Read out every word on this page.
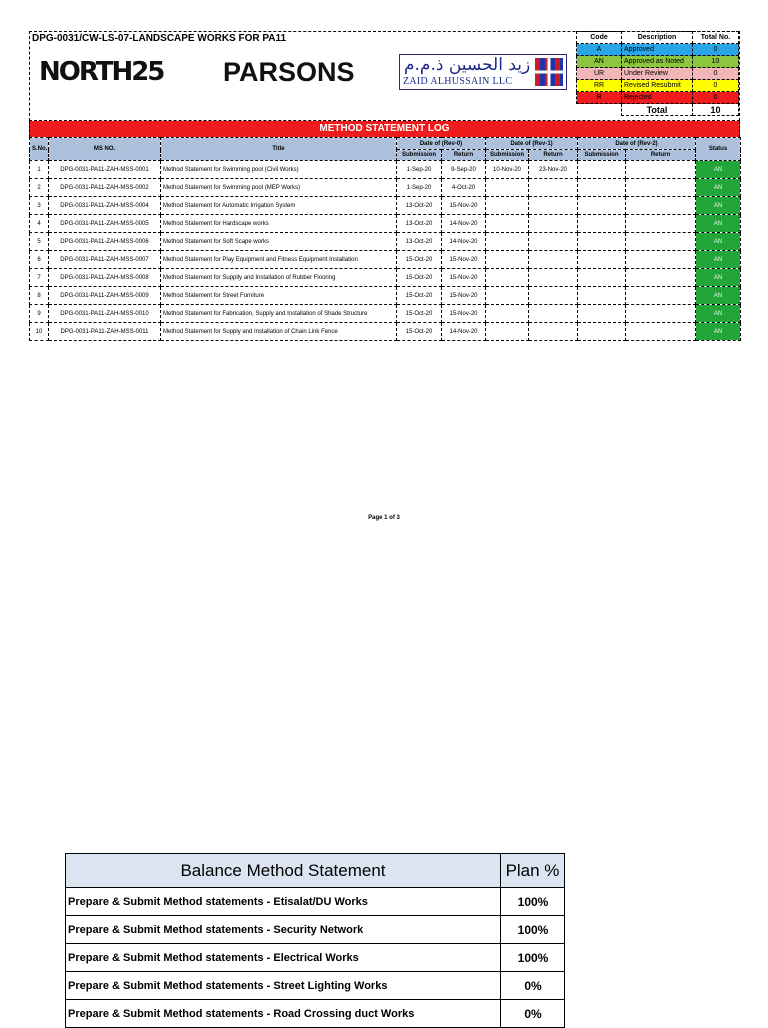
DPG-0031/CW-LS-07-LANDSCAPE WORKS FOR PA11
NORTH25 PARSONS	زيد الحسين ذ.م.م
ZAID ALHUSSAIN LLC
Code	Description	Total No.
A	Approved	0
AN	Approved as Noted	10
UR	Under Review	0
RR	Revised Resubmit	0
R	Rejected	0
	Total	10
METHOD STATEMENT LOG
S.No.	MS NO.	Title	Date of (Rev-0)		Date of (Rev-1)		Date of (Rev-2)		Status
			Submission	Return	Submission	Return	Submission	Return	
1	DPG-0031-PA11-ZAH-MSS-0001	Method Statement for Swimming pool (Civil Works)	1-Sep-20	9-Sep-20	10-Nov-20	23-Nov-20			AN
2	DPG-0031-PA11-ZAH-MSS-0002	Method Statement for Swimming pool (MEP Works)	1-Sep-20	4-Oct-20					AN
3	DPG-0031-PA11-ZAH-MSS-0004	Method Statement for Automatic Irrigation System	13-Oct-20	15-Nov-20					AN
4	DPG-0031-PA11-ZAH-MSS-0005	Method Statement for Hardscape works	13-Oct-20	14-Nov-20					AN
5	DPG-0031-PA11-ZAH-MSS-0006	Method Statement for Soft Scape works	13-Oct-20	14-Nov-20					AN
6	DPG-0031-PA11-ZAH-MSS-0007	Method Statement for Play Equipment and Fitness Equipment Installation	15-Oct-20	15-Nov-20					AN
7	DPG-0031-PA11-ZAH-MSS-0008	Method Statement for Supplly and Installation of Rubber Flooring	15-Oct-20	15-Nov-20					AN
8	DPG-0031-PA11-ZAH-MSS-0009	Method Statement for Street Furniture	15-Oct-20	15-Nov-20					AN
9	DPG-0031-PA11-ZAH-MSS-0010	Method Statement for Fabrication, Supply and Installation of Shade Structure	15-Oct-20	15-Nov-20					AN
10	DPG-0031-PA11-ZAH-MSS-0011	Method Statement for Supply and Installation of Chain Link Fence	15-Oct-20	14-Nov-20					AN
Page 1 of 3
Balance Method Statement	Plan %
Prepare & Submit Method statements - Etisalat/DU Works	100%
Prepare & Submit Method statements - Security Network	100%
Prepare & Submit Method statements - Electrical Works	100%
Prepare & Submit Method statements - Street Lighting Works	0%
Prepare & Submit Method statements - Road Crossing duct Works	0%
